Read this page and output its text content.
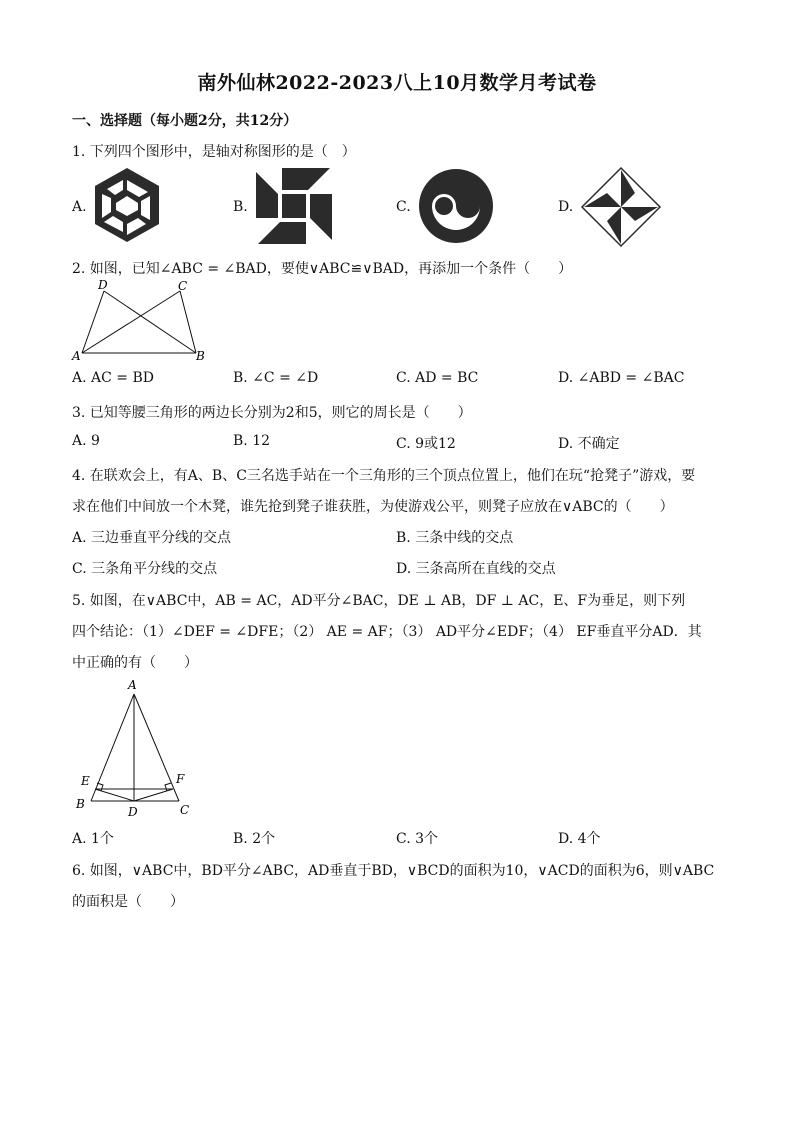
南外仙林2022-2023八上10月数学月考试卷
一、选择题（每小题2分，共12分）
1. 下列四个图形中，是轴对称图形的是（　）
A.	B.	C.	D.
2. 如图，已知∠ABC = ∠BAD，要使∨ABC≌∨BAD，再添加一个条件（　　）
D	C
A	B
A. AC = BD	B. ∠C = ∠D	C. AD = BC	D. ∠ABD = ∠BAC
3. 已知等腰三角形的两边长分别为2和5，则它的周长是（　　）
A. 9	B. 12	C. 9或12	D. 不确定
4. 在联欢会上，有A、B、C三名选手站在一个三角形的三个顶点位置上，他们在玩“抢凳子”游戏，要
求在他们中间放一个木凳，谁先抢到凳子谁获胜，为使游戏公平，则凳子应放在∨ABC的（　　）
A. 三边垂直平分线的交点	B. 三条中线的交点
C. 三条角平分线的交点	D. 三条高所在直线的交点
5. 如图，在∨ABC中，AB = AC，AD平分∠BAC，DE ⊥ AB，DF ⊥ AC，E、F为垂足，则下列
四个结论：（1）∠DEF = ∠DFE；（2） AE = AF；（3） AD平分∠EDF；（4） EF垂直平分AD．其
中正确的有（　　）
A
E	F
B
D	C
A. 1个	B. 2个	C. 3个	D. 4个
6. 如图，∨ABC中，BD平分∠ABC，AD垂直于BD，∨BCD的面积为10，∨ACD的面积为6，则∨ABC
的面积是（　　）
